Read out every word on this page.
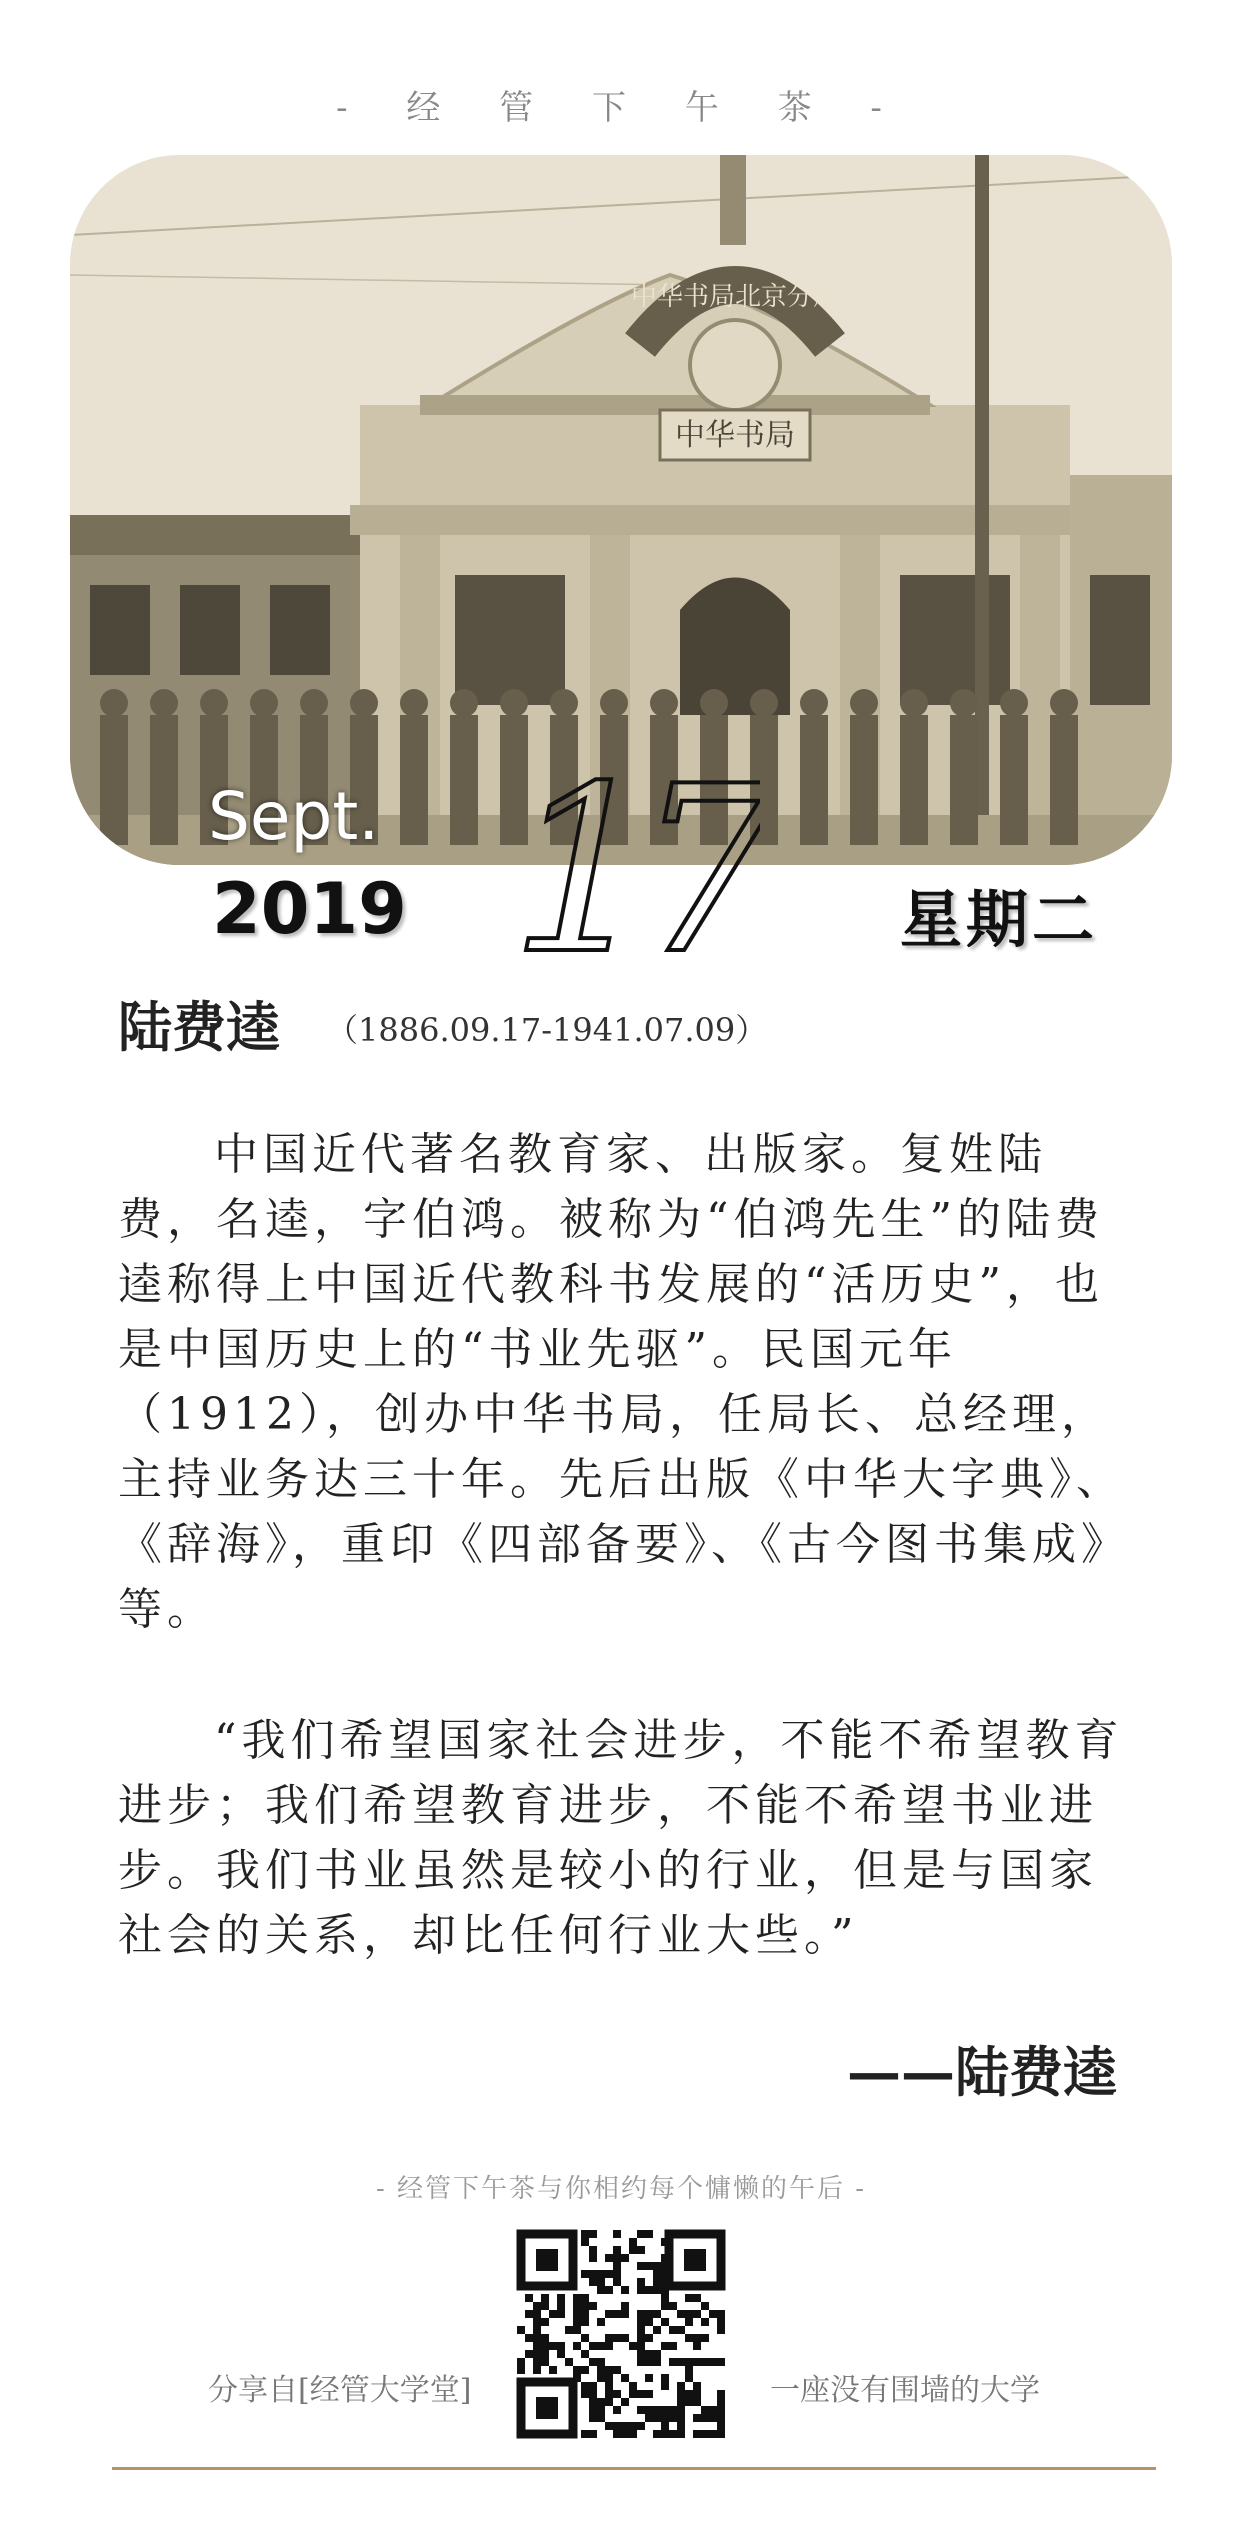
- 经 管 下 午 茶 -
中华书局北京分局
中华书局
Sept.
2019 17	星期二
陆费逵 （1886.09.17-1941.07.09）

中国近代著名教育家、出版家。复姓陆费，名逵，字伯鸿。被称为“伯鸿先生”的陆费逵称得上中国近代教科书发展的“活历史”，也是中国历史上的“书业先驱”。民国元年（1912），创办中华书局，任局长、总经理，主持业务达三十年。先后出版《中华大字典》、《辞海》，重印《四部备要》、《古今图书集成》等。

“我们希望国家社会进步，不能不希望教育进步；我们希望教育进步，不能不希望书业进步。我们书业虽然是较小的行业，但是与国家社会的关系，却比任何行业大些。”

——陆费逵
- 经管下午茶与你相约每个慵懒的午后 -
分享自[经管大学堂]	一座没有围墙的大学
